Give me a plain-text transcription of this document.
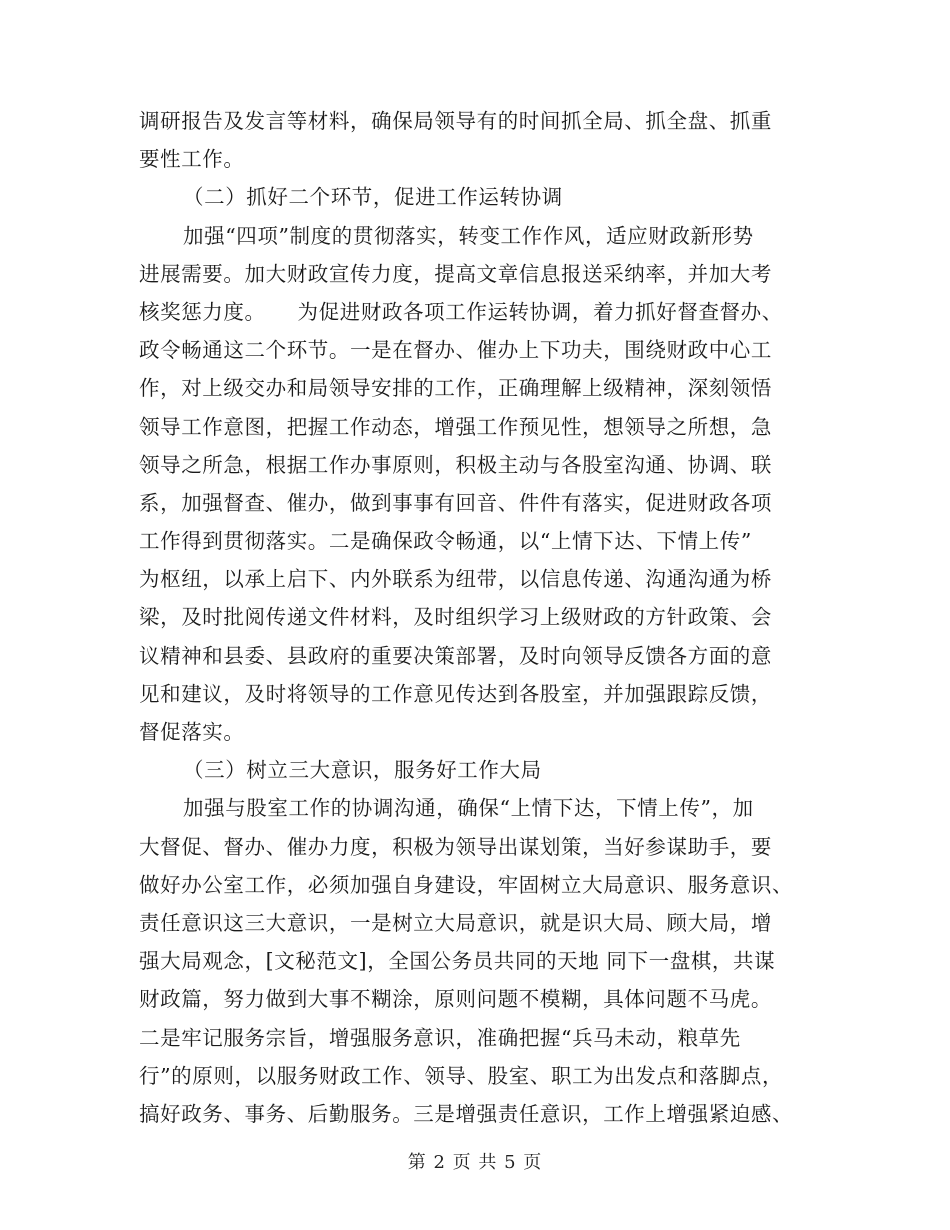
调研报告及发言等材料，确保局领导有的时间抓全局、抓全盘、抓重
要性工作。
（二）抓好二个环节，促进工作运转协调
加强“四项”制度的贯彻落实，转变工作作风，适应财政新形势
进展需要。加大财政宣传力度，提高文章信息报送采纳率，并加大考
核奖惩力度。　　为促进财政各项工作运转协调，着力抓好督查督办、
政令畅通这二个环节。一是在督办、催办上下功夫，围绕财政中心工
作，对上级交办和局领导安排的工作，正确理解上级精神，深刻领悟
领导工作意图，把握工作动态，增强工作预见性，想领导之所想，急
领导之所急，根据工作办事原则，积极主动与各股室沟通、协调、联
系，加强督查、催办，做到事事有回音、件件有落实，促进财政各项
工作得到贯彻落实。二是确保政令畅通，以“上情下达、下情上传”
为枢纽，以承上启下、内外联系为纽带，以信息传递、沟通沟通为桥
梁，及时批阅传递文件材料，及时组织学习上级财政的方针政策、会
议精神和县委、县政府的重要决策部署，及时向领导反馈各方面的意
见和建议，及时将领导的工作意见传达到各股室，并加强跟踪反馈，
督促落实。
（三）树立三大意识，服务好工作大局
加强与股室工作的协调沟通，确保“上情下达，下情上传”，加
大督促、督办、催办力度，积极为领导出谋划策，当好参谋助手，要
做好办公室工作，必须加强自身建设，牢固树立大局意识、服务意识、
责任意识这三大意识，一是树立大局意识，就是识大局、顾大局，增
强大局观念，[文秘范文]，全国公务员共同的天地 同下一盘棋，共谋
财政篇，努力做到大事不糊涂，原则问题不模糊，具体问题不马虎。
二是牢记服务宗旨，增强服务意识，准确把握“兵马未动，粮草先
行”的原则，以服务财政工作、领导、股室、职工为出发点和落脚点，
搞好政务、事务、后勤服务。三是增强责任意识，工作上增强紧迫感、
第 2 页 共 5 页
